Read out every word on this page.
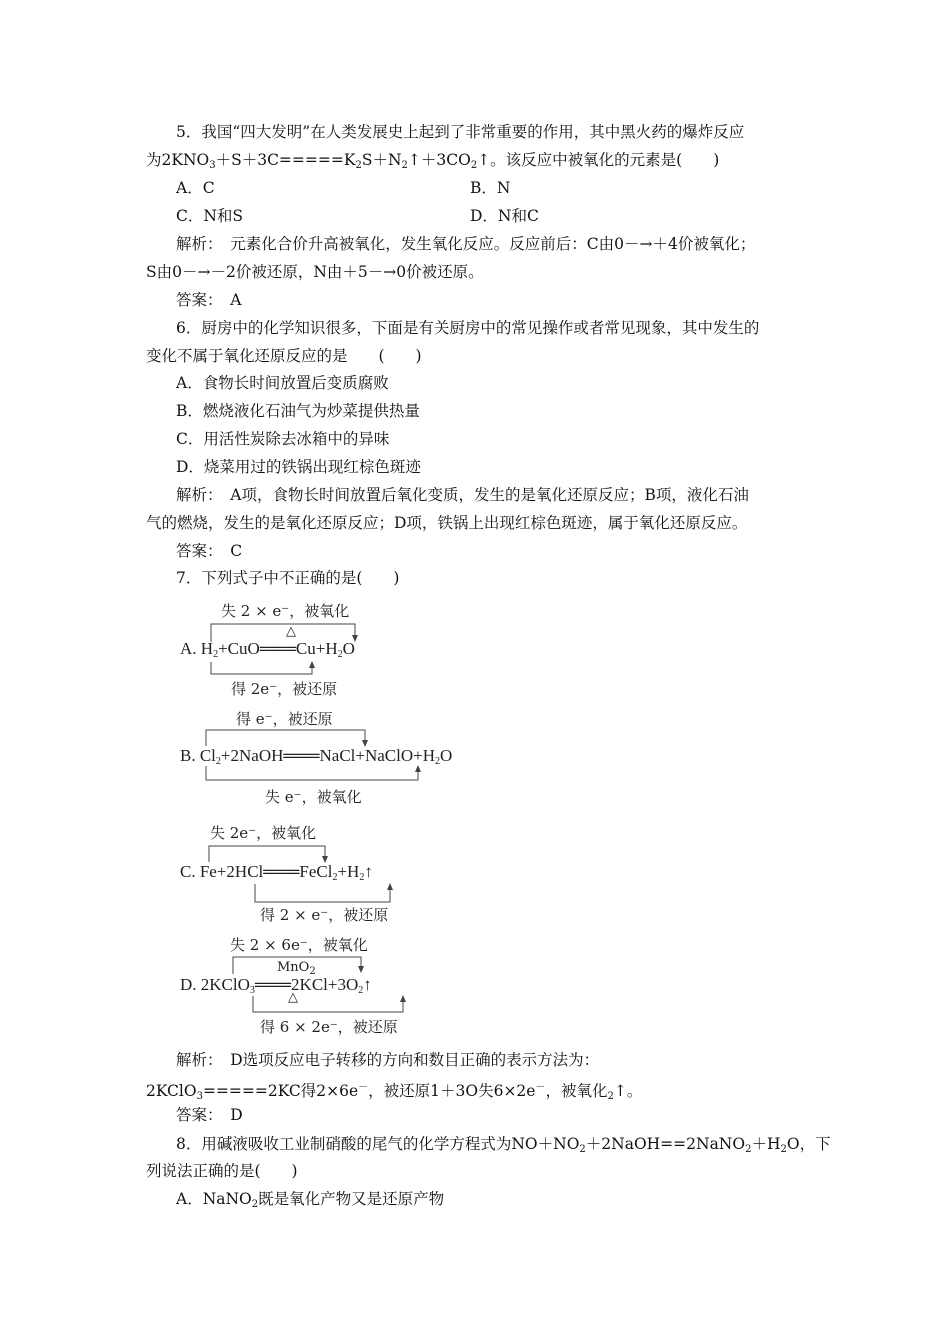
5．我国“四大发明”在人类发展史上起到了非常重要的作用，其中黑火药的爆炸反应
为$2KNO_3+S+3C=====K_2S+N_2↑+3CO_2↑$。该反应中被氧化的元素是(　　)
A．C	B．N
C．N和S	D．N和C
解析：　元素化合价升高被氧化，发生氧化反应。反应前后：C由0－→＋4价被氧化；
S由0－→－2价被还原，N由＋5－→0价被还原。
答案：　A
6．厨房中的化学知识很多，下面是有关厨房中的常见操作或者常见现象，其中发生的
变化不属于氧化还原反应的是　　(　　)
A．食物长时间放置后变质腐败
B．燃烧液化石油气为炒菜提供热量
C．用活性炭除去冰箱中的异味
D．烧菜用过的铁锅出现红棕色斑迹
解析：　A项，食物长时间放置后氧化变质，发生的是氧化还原反应；B项，液化石油
气的燃烧，发生的是氧化还原反应；D项，铁锅上出现红棕色斑迹，属于氧化还原反应。
答案：　C
7．下列式子中不正确的是(　　)
失 2 × e⁻，被氧化
△
A. $H_2+CuO═══Cu+H_2O$
得 2e⁻，被还原
得 e⁻，被还原
B. $Cl_2+2NaOH═══NaCl+NaClO+H_2O$
失 e⁻，被氧化
失 2e⁻，被氧化
C. $Fe+2HCl═══FeCl_2+H_2↑$
得 2 × e⁻，被还原
失 2 × 6e⁻，被氧化
MnO$_2$
△
D. $2KClO_3═══2KCl+3O_2↑$
得 6 × 2e⁻，被还原
解析：　D选项反应电子转移的方向和数目正确的表示方法为：
2KClO$_3$=====2KC得2×6e－，被还原1＋3O失6×2e－，被氧化$_2$↑。
答案：　D
8．用碱液吸收工业制硝酸的尾气的化学方程式为$NO+NO_2+2NaOH==2NaNO_2+H_2O$，下
列说法正确的是(　　)
A．NaNO$_2$既是氧化产物又是还原产物
